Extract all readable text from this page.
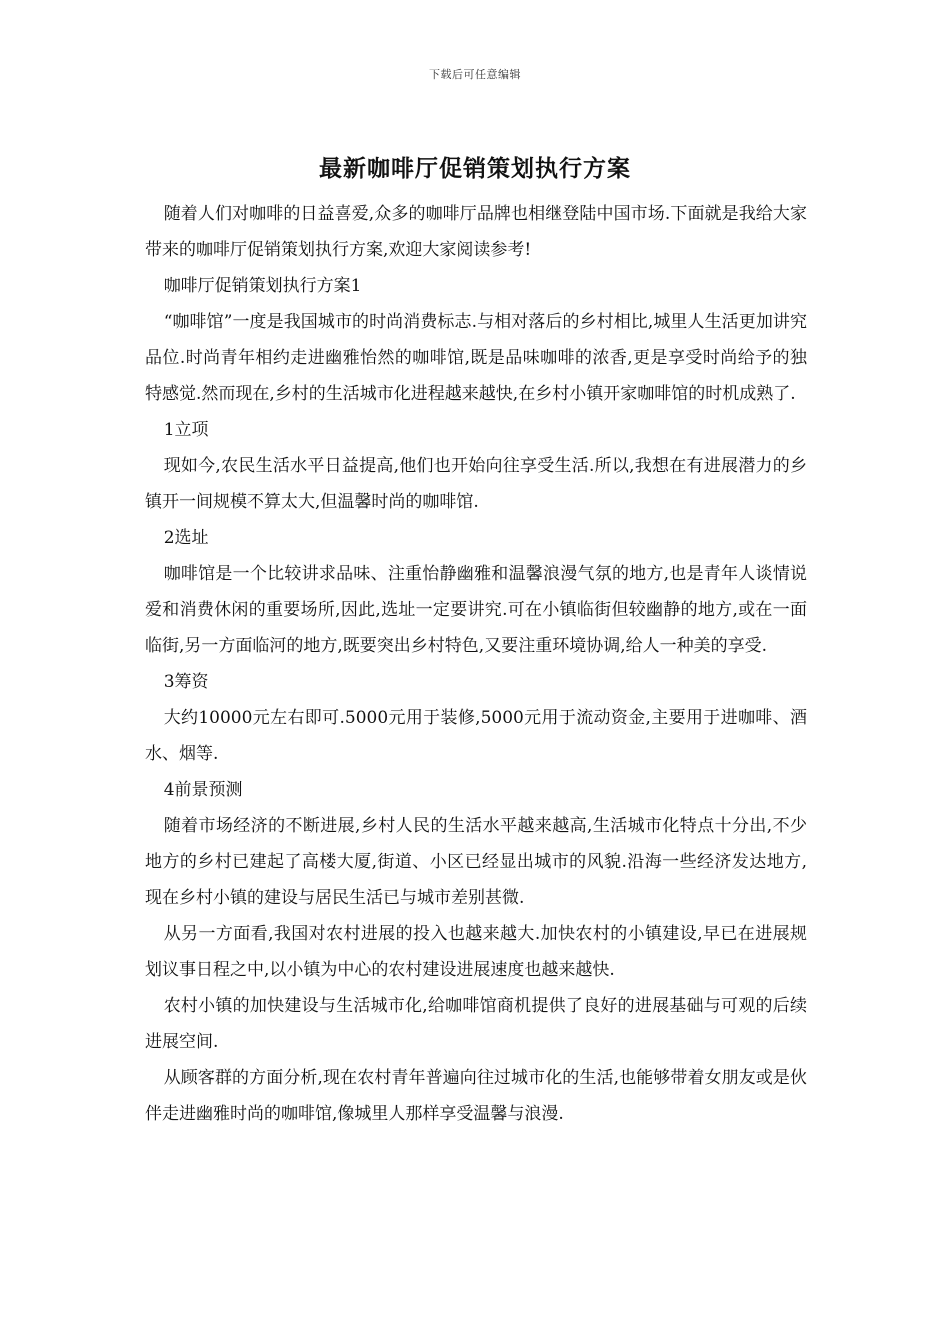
下载后可任意编辑
最新咖啡厅促销策划执行方案

随着人们对咖啡的日益喜爱,众多的咖啡厅品牌也相继登陆中国市场.下面就是我给大家带来的咖啡厅促销策划执行方案,欢迎大家阅读参考!

咖啡厅促销策划执行方案1

“咖啡馆”一度是我国城市的时尚消费标志.与相对落后的乡村相比,城里人生活更加讲究品位.时尚青年相约走进幽雅怡然的咖啡馆,既是品味咖啡的浓香,更是享受时尚给予的独特感觉.然而现在,乡村的生活城市化进程越来越快,在乡村小镇开家咖啡馆的时机成熟了.

1立项

现如今,农民生活水平日益提高,他们也开始向往享受生活.所以,我想在有进展潜力的乡镇开一间规模不算太大,但温馨时尚的咖啡馆.

2选址

咖啡馆是一个比较讲求品味、注重怡静幽雅和温馨浪漫气氛的地方,也是青年人谈情说爱和消费休闲的重要场所,因此,选址一定要讲究.可在小镇临街但较幽静的地方,或在一面临街,另一方面临河的地方,既要突出乡村特色,又要注重环境协调,给人一种美的享受.

3筹资

大约10000元左右即可.5000元用于装修,5000元用于流动资金,主要用于进咖啡、酒水、烟等.

4前景预测

随着市场经济的不断进展,乡村人民的生活水平越来越高,生活城市化特点十分出,不少地方的乡村已建起了高楼大厦,街道、小区已经显出城市的风貌.沿海一些经济发达地方,现在乡村小镇的建设与居民生活已与城市差别甚微.

从另一方面看,我国对农村进展的投入也越来越大.加快农村的小镇建设,早已在进展规划议事日程之中,以小镇为中心的农村建设进展速度也越来越快.

农村小镇的加快建设与生活城市化,给咖啡馆商机提供了良好的进展基础与可观的后续进展空间.

从顾客群的方面分析,现在农村青年普遍向往过城市化的生活,也能够带着女朋友或是伙伴走进幽雅时尚的咖啡馆,像城里人那样享受温馨与浪漫.
